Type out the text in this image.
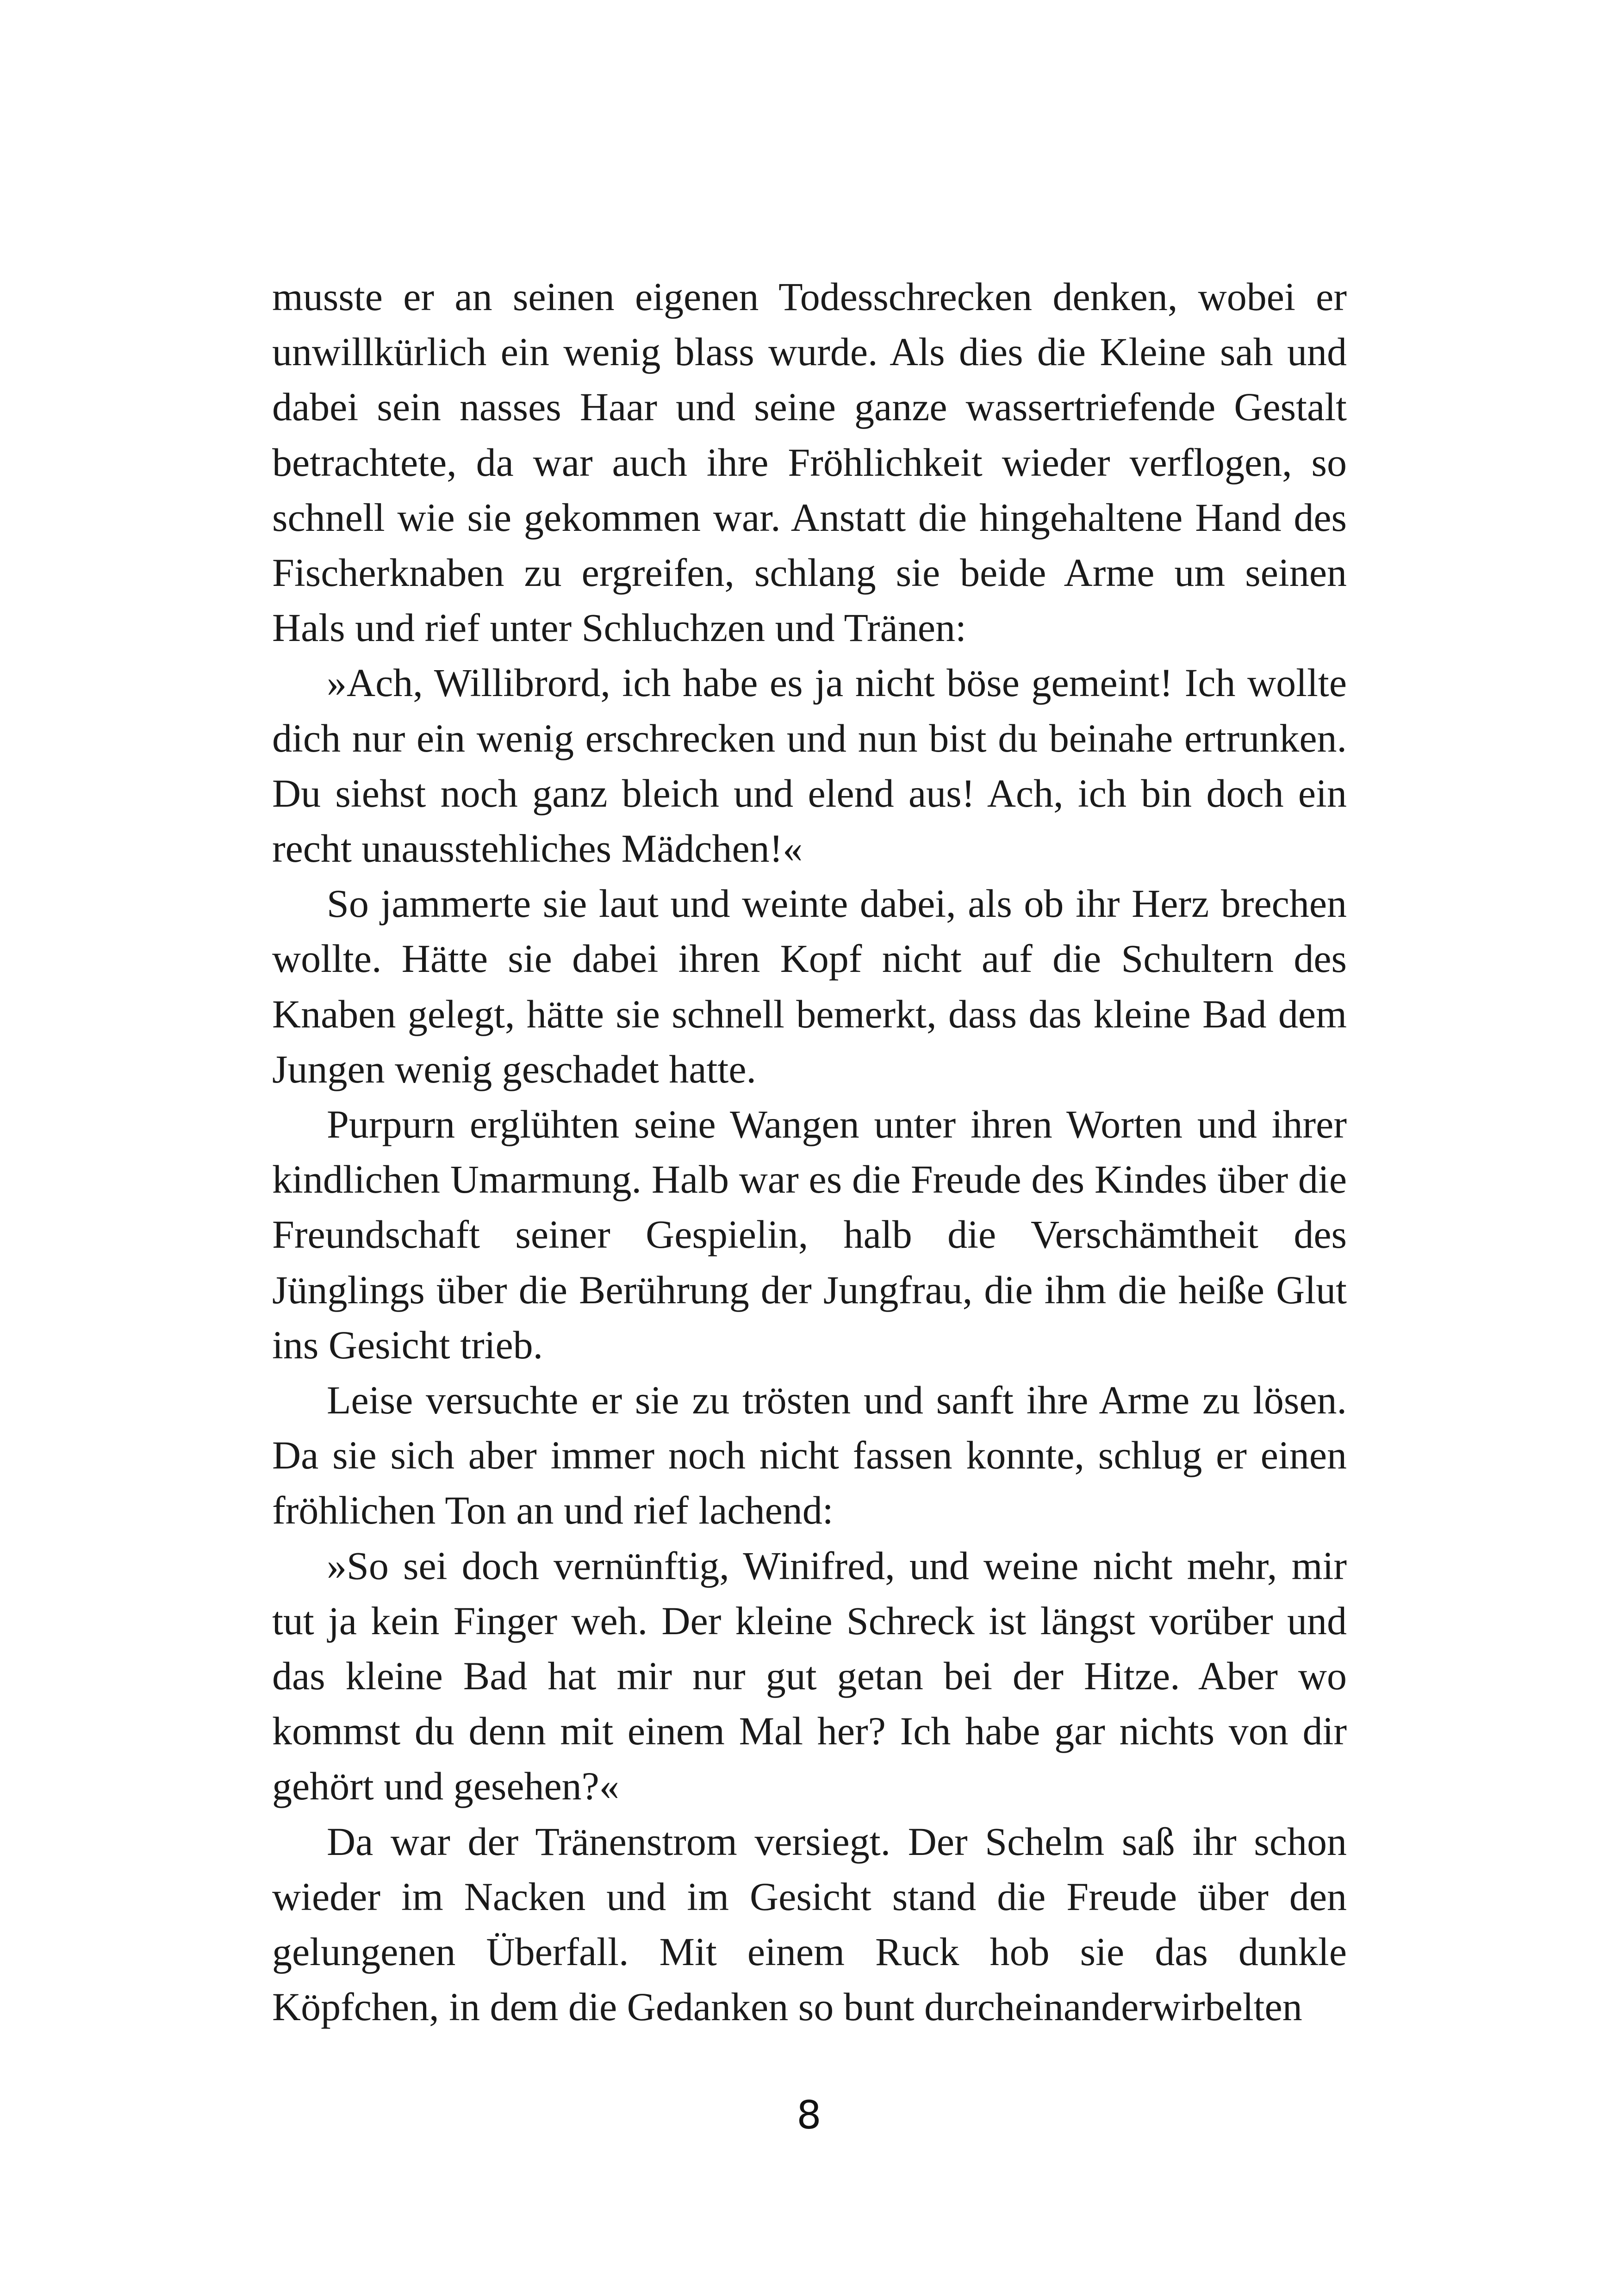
musste er an seinen eigenen Todesschrecken denken, wobei er unwillkürlich ein wenig blass wurde. Als dies die Kleine sah und dabei sein nasses Haar und seine ganze wassertriefende Gestalt betrachtete, da war auch ihre Fröhlichkeit wieder verflogen, so schnell wie sie gekommen war. Anstatt die hingehaltene Hand des Fischerknaben zu ergreifen, schlang sie beide Arme um seinen Hals und rief unter Schluchzen und Tränen:

»Ach, Willibrord, ich habe es ja nicht böse gemeint! Ich wollte dich nur ein wenig erschrecken und nun bist du beinahe ertrunken. Du siehst noch ganz bleich und elend aus! Ach, ich bin doch ein recht unausstehliches Mädchen!«

So jammerte sie laut und weinte dabei, als ob ihr Herz brechen wollte. Hätte sie dabei ihren Kopf nicht auf die Schultern des Knaben gelegt, hätte sie schnell bemerkt, dass das kleine Bad dem Jungen wenig geschadet hatte.

Purpurn erglühten seine Wangen unter ihren Worten und ihrer kindlichen Umarmung. Halb war es die Freude des Kindes über die Freundschaft seiner Gespielin, halb die Verschämtheit des Jünglings über die Berührung der Jungfrau, die ihm die heiße Glut ins Gesicht trieb.

Leise versuchte er sie zu trösten und sanft ihre Arme zu lösen. Da sie sich aber immer noch nicht fassen konnte, schlug er einen fröhlichen Ton an und rief lachend:

»So sei doch vernünftig, Winifred, und weine nicht mehr, mir tut ja kein Finger weh. Der kleine Schreck ist längst vorüber und das kleine Bad hat mir nur gut getan bei der Hitze. Aber wo kommst du denn mit einem Mal her? Ich habe gar nichts von dir gehört und gesehen?«

Da war der Tränenstrom versiegt. Der Schelm saß ihr schon wieder im Nacken und im Gesicht stand die Freude über den gelungenen Überfall. Mit einem Ruck hob sie das dunkle Köpfchen, in dem die Gedanken so bunt durcheinanderwirbelten

8
